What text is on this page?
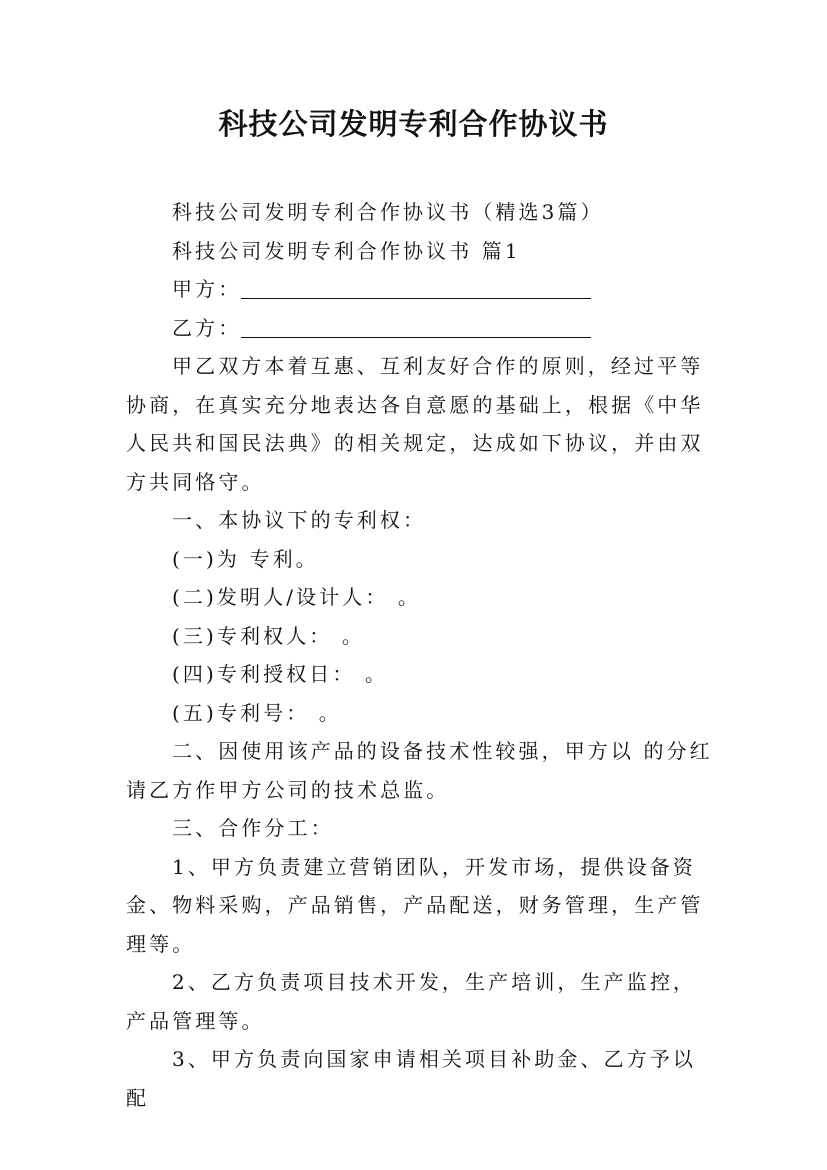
科技公司发明专利合作协议书

科技公司发明专利合作协议书（精选3篇）

科技公司发明专利合作协议书 篇1

甲方：

乙方：

甲乙双方本着互惠、互利友好合作的原则，经过平等协商，在真实充分地表达各自意愿的基础上，根据《中华人民共和国民法典》的相关规定，达成如下协议，并由双方共同恪守。

一、本协议下的专利权：

(一)为 专利。

(二)发明人/设计人： 。

(三)专利权人： 。

(四)专利授权日： 。

(五)专利号： 。

二、因使用该产品的设备技术性较强，甲方以 的分红请乙方作甲方公司的技术总监。

三、合作分工：

1、甲方负责建立营销团队，开发市场，提供设备资金、物料采购，产品销售，产品配送，财务管理，生产管理等。

2、乙方负责项目技术开发，生产培训，生产监控，产品管理等。

3、甲方负责向国家申请相关项目补助金、乙方予以配
